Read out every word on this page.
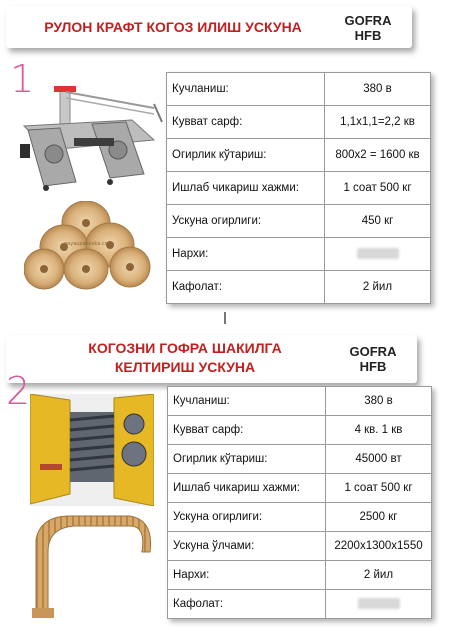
РУЛОН КРАФТ КОГОЗ ИЛИШ УСКУНА	GOFRA
HFB
1
gayaupakovka.com
Кучланиш:	380 в
Кувват сарф:	1,1х1,1=2,2 кв
Огирлик кўтариш:	800х2 = 1600 кв
Ишлаб чикариш хажми:	1 соат 500 кг
Ускуна огирлиги:	450 кг
Нархи:	
Кафолат:	2 йил
КОГОЗНИ ГОФРА ШАКИЛГА
КЕЛТИРИШ УСКУНА
GOFRA
HFB
2	Кучланиш:	380 в
Кувват сарф:	4 кв. 1 кв
Огирлик кўтариш:	45000 вт
Ишлаб чикариш хажми:	1 соат 500 кг
Ускуна огирлиги:	2500 кг
Ускуна ўлчами:	2200х1300х1550
Нархи:	2 йил
Кафолат:	
